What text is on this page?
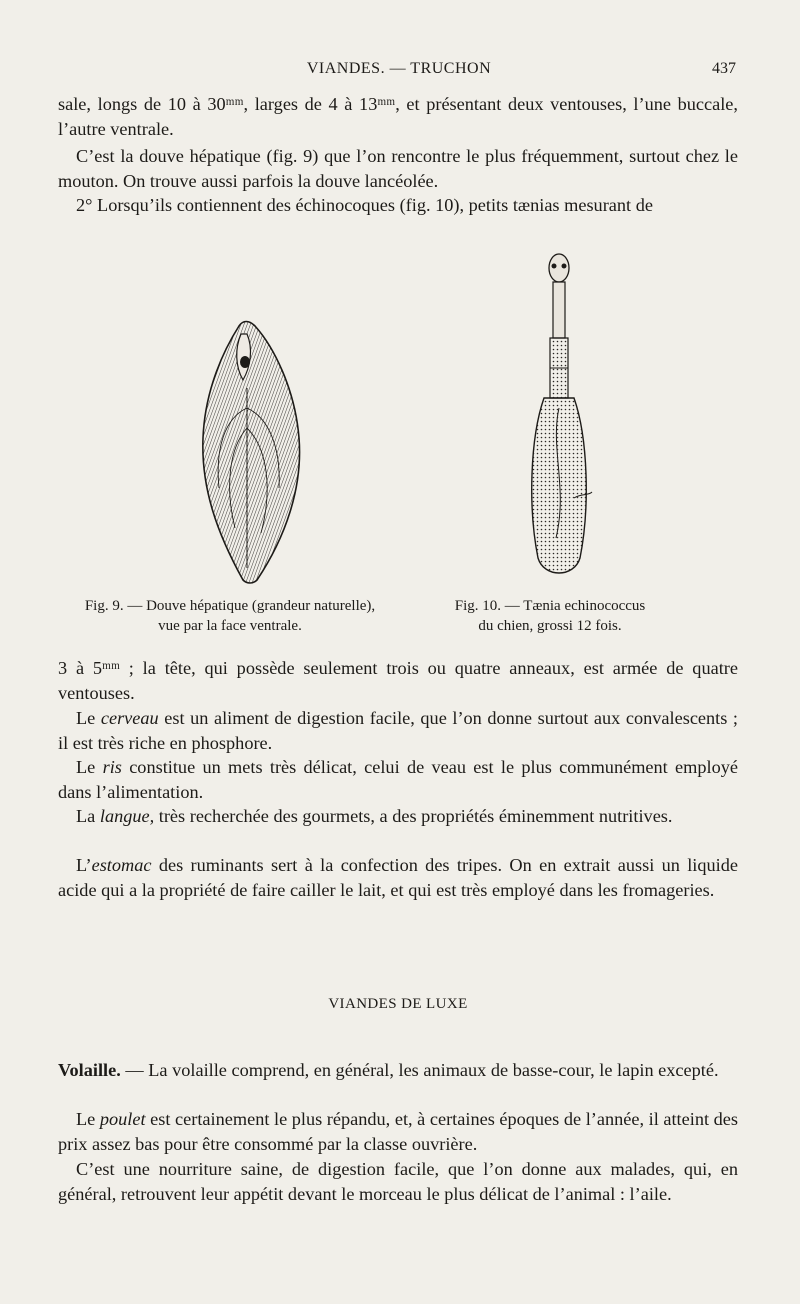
VIANDES. — TRUCHON	437

sale, longs de 10 à 30ᵐᵐ, larges de 4 à 13ᵐᵐ, et présentant deux ventouses, l’une buccale, l’autre ventrale.

C’est la douve hépatique (fig. 9) que l’on rencontre le plus fréquemment, surtout chez le mouton. On trouve aussi parfois la douve lancéolée.

2° Lorsqu’ils contiennent des échinocoques (fig. 10), petits tænias mesurant de

Fig. 9. — Douve hépatique (grandeur naturelle),
vue par la face ventrale.
Fig. 10. — Tænia echinococcus
du chien, grossi 12 fois.

3 à 5ᵐᵐ ; la tête, qui possède seulement trois ou quatre anneaux, est armée de quatre ventouses.

Le cerveau est un aliment de digestion facile, que l’on donne surtout aux convalescents ; il est très riche en phosphore.

Le ris constitue un mets très délicat, celui de veau est le plus communément employé dans l’alimentation.

La langue, très recherchée des gourmets, a des propriétés éminemment nutritives.

L’estomac des ruminants sert à la confection des tripes. On en extrait aussi un liquide acide qui a la propriété de faire cailler le lait, et qui est très employé dans les fromageries.

VIANDES DE LUXE

Volaille. — La volaille comprend, en général, les animaux de basse-cour, le lapin excepté.

Le poulet est certainement le plus répandu, et, à certaines époques de l’année, il atteint des prix assez bas pour être consommé par la classe ouvrière.

C’est une nourriture saine, de digestion facile, que l’on donne aux malades, qui, en général, retrouvent leur appétit devant le morceau le plus délicat de l’animal : l’aile.
